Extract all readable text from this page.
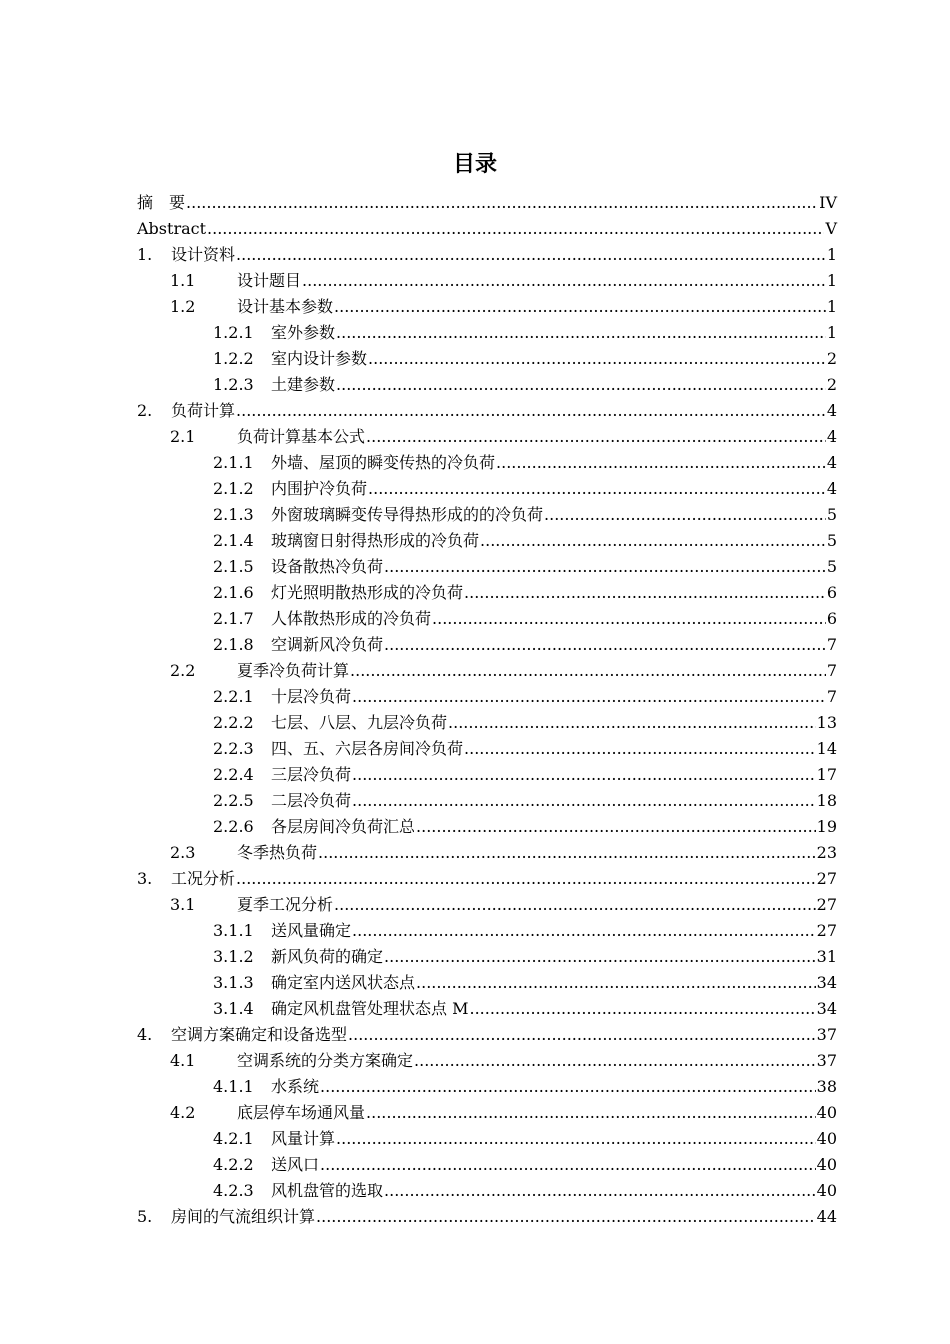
目录
摘　要 .....	IV
Abstract .....	V
1.	设计资料 .....	1
1.1	设计题目 .....	1
1.2	设计基本参数 .....	1
1.2.1	室外参数 .....	1
1.2.2	室内设计参数 .....	2
1.2.3	土建参数 .....	2
2.	负荷计算 .....	4
2.1	负荷计算基本公式 .....	4
2.1.1	外墙、屋顶的瞬变传热的冷负荷 .....	4
2.1.2	内围护冷负荷 .....	4
2.1.3	外窗玻璃瞬变传导得热形成的的冷负荷 .....	5
2.1.4	玻璃窗日射得热形成的冷负荷 .....	5
2.1.5	设备散热冷负荷 .....	5
2.1.6	灯光照明散热形成的冷负荷 .....	6
2.1.7	人体散热形成的冷负荷 .....	6
2.1.8	空调新风冷负荷 .....	7
2.2	夏季冷负荷计算 .....	7
2.2.1	十层冷负荷 .....	7
2.2.2	七层、八层、九层冷负荷 .....	13
2.2.3	四、五、六层各房间冷负荷 .....	14
2.2.4	三层冷负荷 .....	17
2.2.5	二层冷负荷 .....	18
2.2.6	各层房间冷负荷汇总 .....	19
2.3	冬季热负荷 .....	23
3.	工况分析 .....	27
3.1	夏季工况分析 .....	27
3.1.1	送风量确定 .....	27
3.1.2	新风负荷的确定 .....	31
3.1.3	确定室内送风状态点 .....	34
3.1.4	确定风机盘管处理状态点 M .....	34
4.	空调方案确定和设备选型 .....	37
4.1	空调系统的分类方案确定 .....	37
4.1.1	水系统 .....	38
4.2	底层停车场通风量 .....	40
4.2.1	风量计算 .....	40
4.2.2	送风口 .....	40
4.2.3	风机盘管的选取 .....	40
5.	房间的气流组织计算 .....	44
